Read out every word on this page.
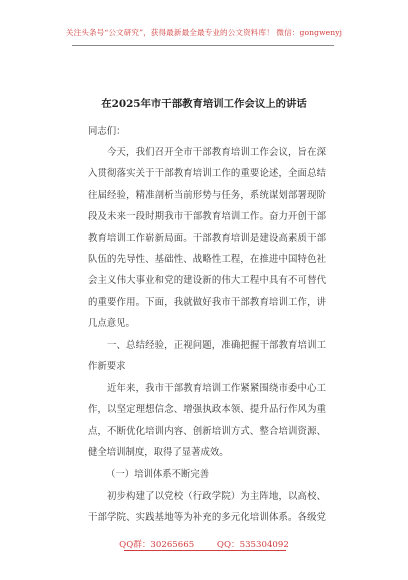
关注头条号“公文研究”，获得最新最全最专业的公文资料库！ 微信：gongwenyj
在2025年市干部教育培训工作会议上的讲话
同志们：
今天，我们召开全市干部教育培训工作会议，旨在深
入贯彻落实关于干部教育培训工作的重要论述，全面总结
往届经验，精准剖析当前形势与任务，系统谋划部署现阶
段及未来一段时期我市干部教育培训工作。奋力开创干部
教育培训工作崭新局面。干部教育培训是建设高素质干部
队伍的先导性、基础性、战略性工程，在推进中国特色社
会主义伟大事业和党的建设新的伟大工程中具有不可替代
的重要作用。下面，我就做好我市干部教育培训工作，讲
几点意见。
一、总结经验，正视问题，准确把握干部教育培训工
作新要求
近年来，我市干部教育培训工作紧紧围绕市委中心工
作，以坚定理想信念、增强执政本领、提升品行作风为重
点，不断优化培训内容、创新培训方式、整合培训资源、
健全培训制度，取得了显著成效。
（一）培训体系不断完善
初步构建了以党校（行政学院）为主阵地，以高校、
干部学院、实践基地等为补充的多元化培训体系。各级党
QQ群：30265665	QQ：535304092
